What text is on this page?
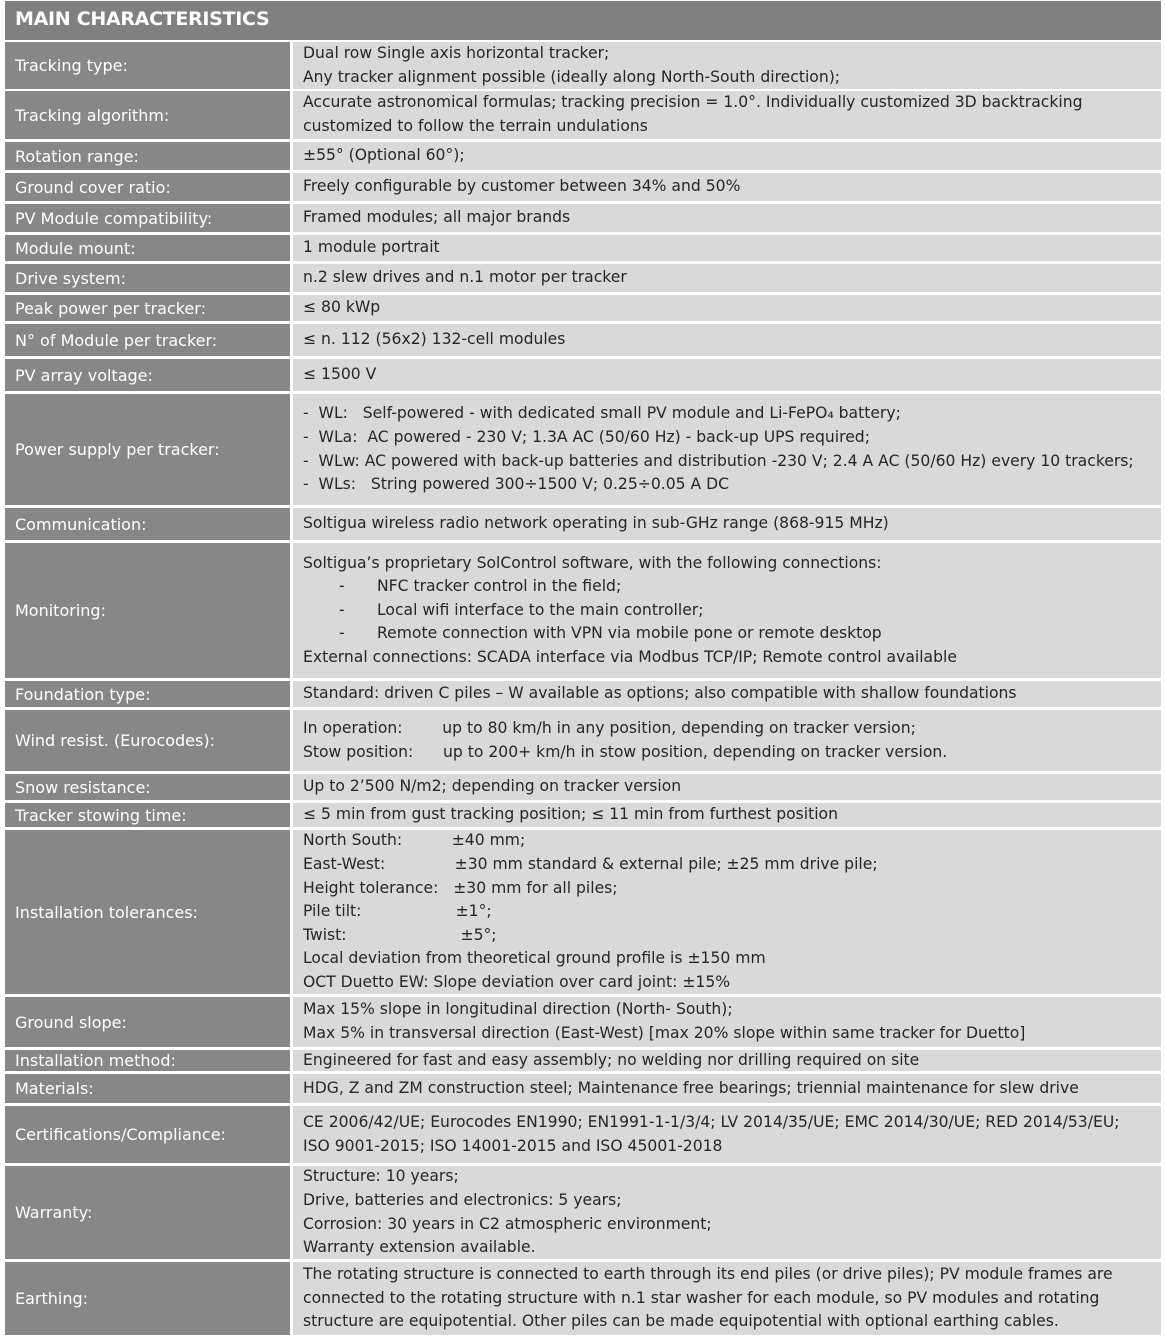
MAIN CHARACTERISTICS
Tracking type:
Dual row Single axis horizontal tracker;
Any tracker alignment possible (ideally along North-South direction);
Tracking algorithm:
Accurate astronomical formulas; tracking precision = 1.0°. Individually customized 3D backtracking
customized to follow the terrain undulations
Rotation range:	±55° (Optional 60°);
Ground cover ratio:	Freely configurable by customer between 34% and 50%
PV Module compatibility:	Framed modules; all major brands
Module mount:	1 module portrait
Drive system:	n.2 slew drives and n.1 motor per tracker
Peak power per tracker:	≤ 80 kWp
N° of Module per tracker:	≤ n. 112 (56x2) 132-cell modules
PV array voltage:	≤ 1500 V
Power supply per tracker:
-  WL:   Self-powered - with dedicated small PV module and Li-FePO₄ battery;
-  WLa:  AC powered - 230 V; 1.3A AC (50/60 Hz) - back-up UPS required;
-  WLw: AC powered with back-up batteries and distribution -230 V; 2.4 A AC (50/60 Hz) every 10 trackers;
-  WLs:   String powered 300÷1500 V; 0.25÷0.05 A DC
Communication:	Soltigua wireless radio network operating in sub-GHz range (868-915 MHz)
Monitoring:
Soltigua’s proprietary SolControl software, with the following connections:
- NFC tracker control in the field;
- Local wifi interface to the main controller;
- Remote connection with VPN via mobile pone or remote desktop
External connections: SCADA interface via Modbus TCP/IP; Remote control available
Foundation type:	Standard: driven C piles – W available as options; also compatible with shallow foundations
Wind resist. (Eurocodes):
In operation:        up to 80 km/h in any position, depending on tracker version;
Stow position:      up to 200+ km/h in stow position, depending on tracker version.
Snow resistance:	Up to 2’500 N/m2; depending on tracker version
Tracker stowing time:	≤ 5 min from gust tracking position; ≤ 11 min from furthest position
Installation tolerances:
North South:          ±40 mm;
East-West:              ±30 mm standard & external pile; ±25 mm drive pile;
Height tolerance:   ±30 mm for all piles;
Pile tilt:                   ±1°;
Twist:                       ±5°;
Local deviation from theoretical ground profile is ±150 mm
OCT Duetto EW: Slope deviation over card joint: ±15%
Ground slope:
Max 15% slope in longitudinal direction (North- South);
Max 5% in transversal direction (East-West) [max 20% slope within same tracker for Duetto]
Installation method:	Engineered for fast and easy assembly; no welding nor drilling required on site
Materials:	HDG, Z and ZM construction steel; Maintenance free bearings; triennial maintenance for slew drive
Certifications/Compliance:
CE 2006/42/UE; Eurocodes EN1990; EN1991-1-1/3/4; LV 2014/35/UE; EMC 2014/30/UE; RED 2014/53/EU;
ISO 9001-2015; ISO 14001-2015 and ISO 45001-2018
Warranty:
Structure: 10 years;
Drive, batteries and electronics: 5 years;
Corrosion: 30 years in C2 atmospheric environment;
Warranty extension available.
Earthing:
The rotating structure is connected to earth through its end piles (or drive piles); PV module frames are
connected to the rotating structure with n.1 star washer for each module, so PV modules and rotating
structure are equipotential. Other piles can be made equipotential with optional earthing cables.
